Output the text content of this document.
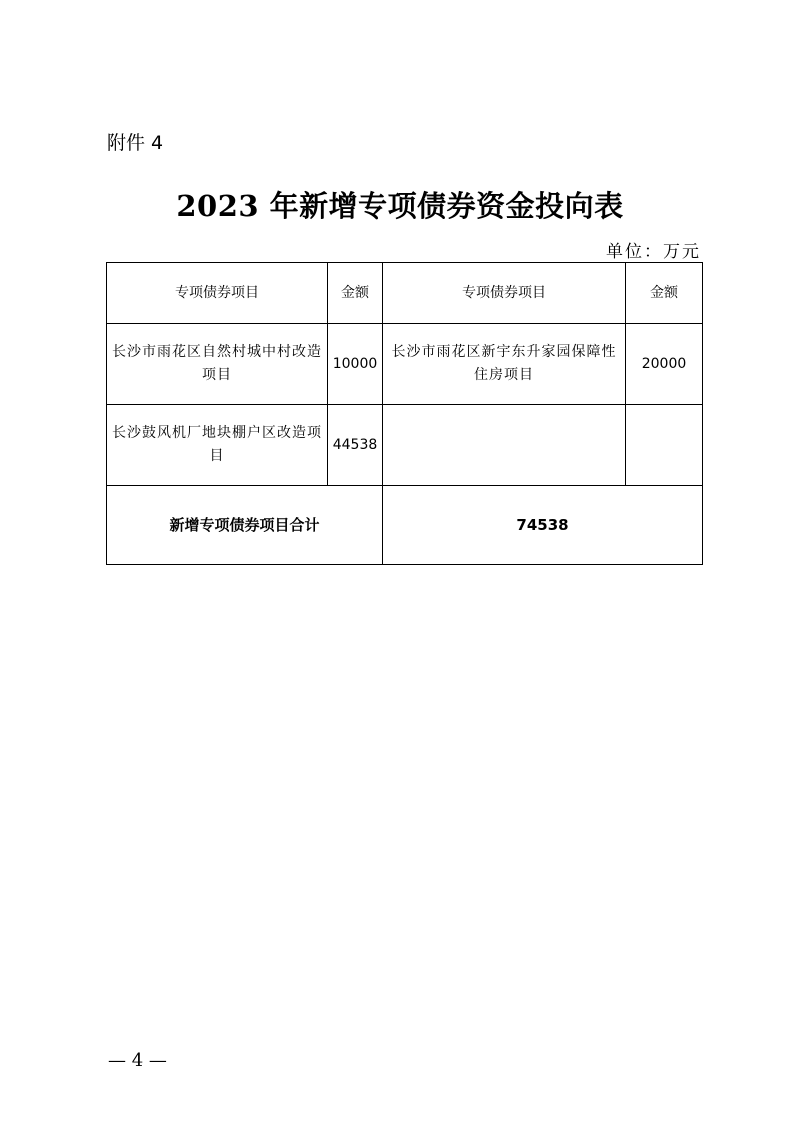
附件 4
2023 年新增专项债券资金投向表
单位：万元
专项债券项目	金额	专项债券项目	金额
长沙市雨花区自然村城中村改造项目	10000	长沙市雨花区新宇东升家园保障性住房项目	20000
长沙鼓风机厂地块棚户区改造项目	44538		
新增专项债券项目合计		74538	
— 4 —
